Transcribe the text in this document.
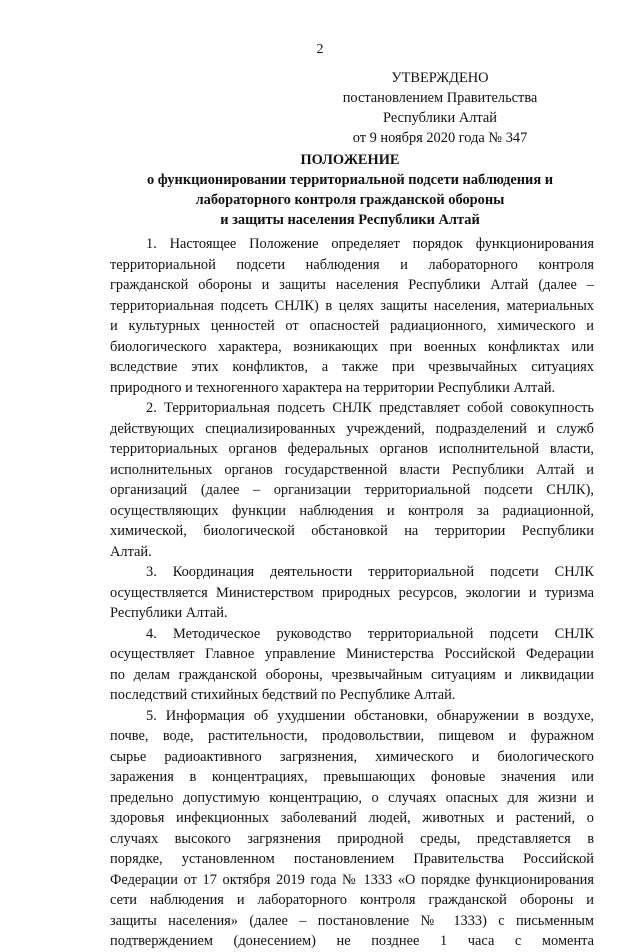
2
УТВЕРЖДЕНО
постановлением Правительства
Республики Алтай
от 9 ноября 2020 года № 347
ПОЛОЖЕНИЕ
о функционировании территориальной подсети наблюдения и
лабораторного контроля гражданской обороны
и защиты населения Республики Алтай
1. Настоящее Положение определяет порядок функционирования
территориальной подсети наблюдения и лабораторного контроля
гражданской обороны и защиты населения Республики Алтай (далее –
территориальная подсеть СНЛК) в целях защиты населения, материальных
и культурных ценностей от опасностей радиационного, химического и
биологического характера, возникающих при военных конфликтах или
вследствие этих конфликтов, а также при чрезвычайных ситуациях
природного и техногенного характера на территории Республики Алтай.
2. Территориальная подсеть СНЛК представляет собой совокупность
действующих специализированных учреждений, подразделений и служб
территориальных органов федеральных органов исполнительной власти,
исполнительных органов государственной власти Республики Алтай и
организаций (далее – организации территориальной подсети СНЛК),
осуществляющих функции наблюдения и контроля за радиационной,
химической, биологической обстановкой на территории Республики
Алтай.
3. Координация деятельности территориальной подсети СНЛК
осуществляется Министерством природных ресурсов, экологии и туризма
Республики Алтай.
4. Методическое руководство территориальной подсети СНЛК
осуществляет Главное управление Министерства Российской Федерации
по делам гражданской обороны, чрезвычайным ситуациям и ликвидации
последствий стихийных бедствий по Республике Алтай.
5. Информация об ухудшении обстановки, обнаружении в воздухе,
почве, воде, растительности, продовольствии, пищевом и фуражном
сырье радиоактивного загрязнения, химического и биологического
заражения в концентрациях, превышающих фоновые значения или
предельно допустимую концентрацию, о случаях опасных для жизни и
здоровья инфекционных заболеваний людей, животных и растений, о
случаях высокого загрязнения природной среды, представляется в
порядке, установленном постановлением Правительства Российской
Федерации от 17 октября 2019 года № 1333 «О порядке функционирования
сети наблюдения и лабораторного контроля гражданской обороны и
защиты населения» (далее – постановление № 1333) с письменным
подтверждением (донесением) не позднее 1 часа с момента
